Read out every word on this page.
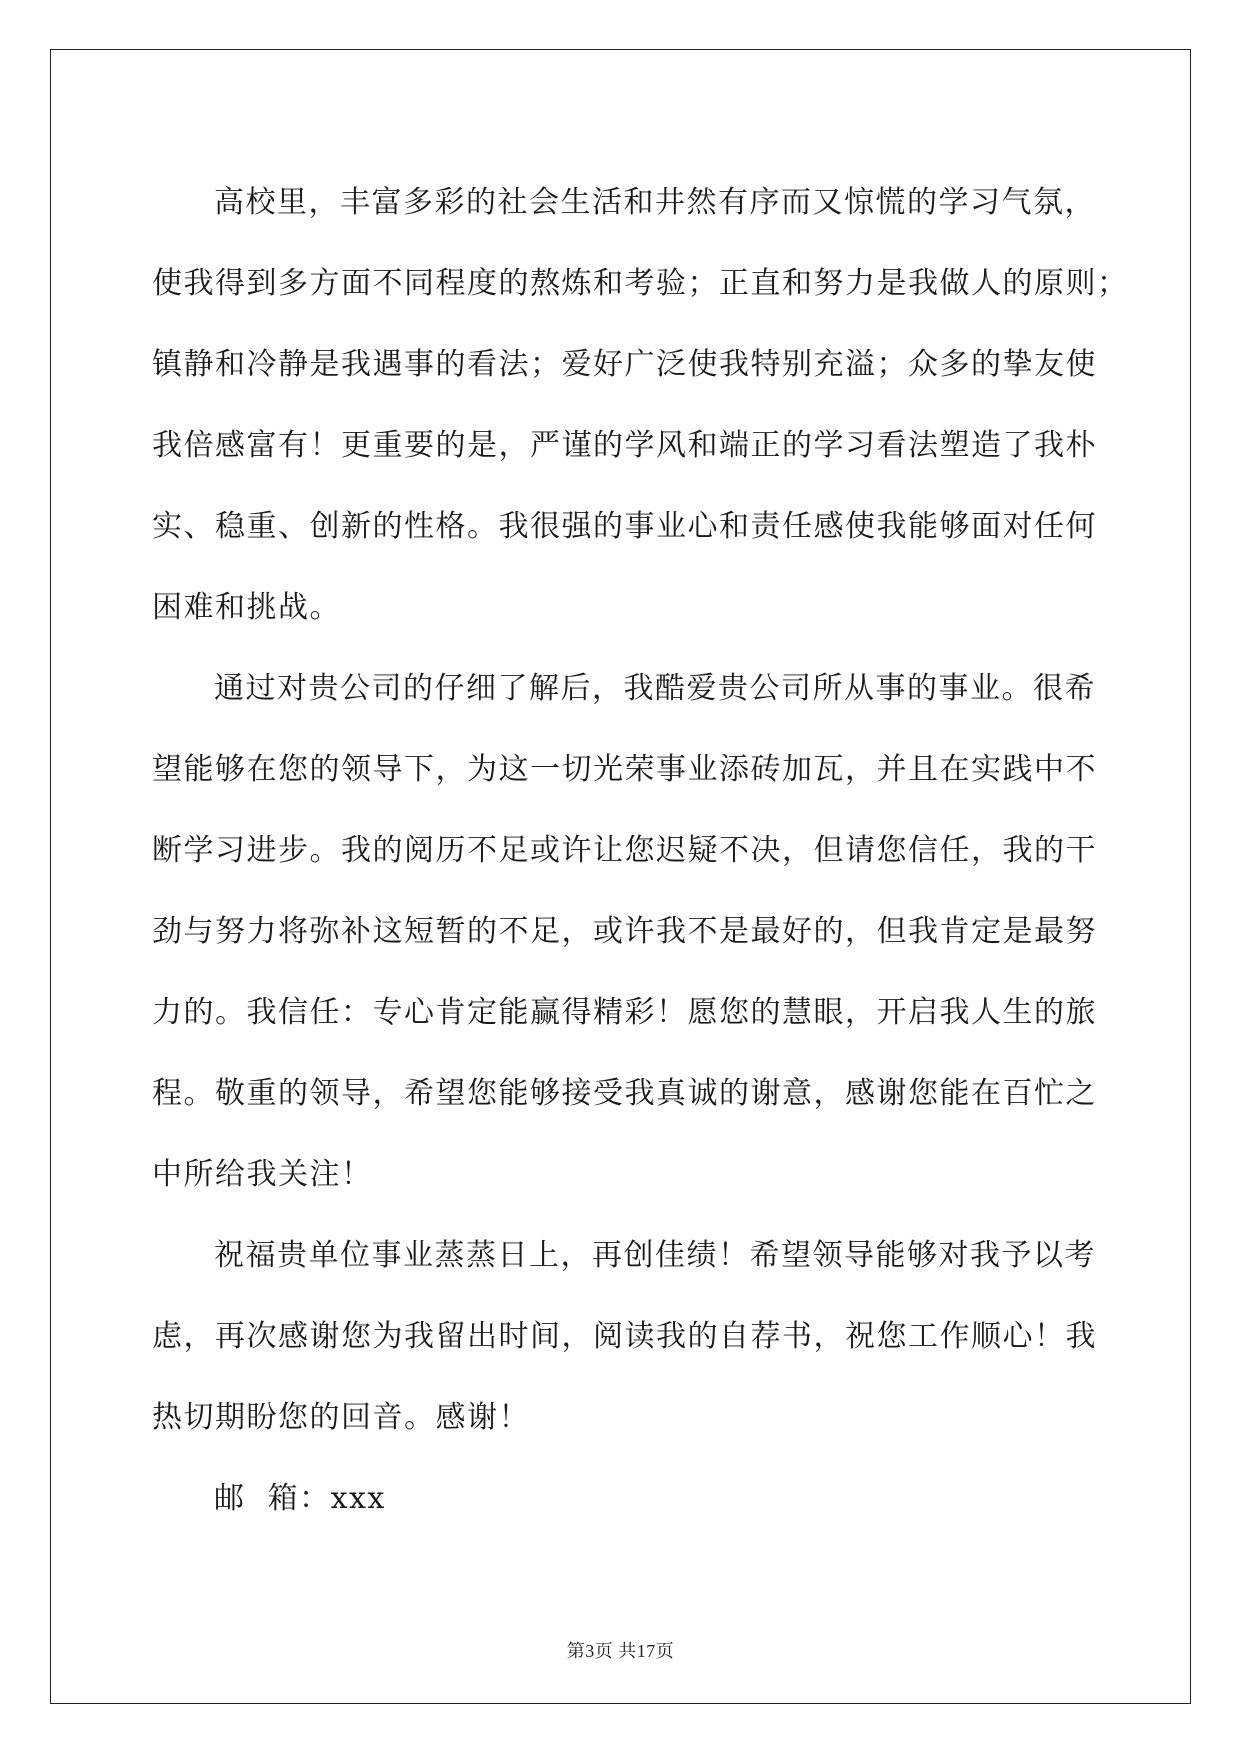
高校里，丰富多彩的社会生活和井然有序而又惊慌的学习气氛，
使我得到多方面不同程度的熬炼和考验；正直和努力是我做人的原则；
镇静和冷静是我遇事的看法；爱好广泛使我特别充溢；众多的挚友使
我倍感富有！更重要的是，严谨的学风和端正的学习看法塑造了我朴
实、稳重、创新的性格。我很强的事业心和责任感使我能够面对任何
困难和挑战。

通过对贵公司的仔细了解后，我酷爱贵公司所从事的事业。很希
望能够在您的领导下，为这一切光荣事业添砖加瓦，并且在实践中不
断学习进步。我的阅历不足或许让您迟疑不决，但请您信任，我的干
劲与努力将弥补这短暂的不足，或许我不是最好的，但我肯定是最努
力的。我信任：专心肯定能赢得精彩！愿您的慧眼，开启我人生的旅
程。敬重的领导，希望您能够接受我真诚的谢意，感谢您能在百忙之
中所给我关注！

祝福贵单位事业蒸蒸日上，再创佳绩！希望领导能够对我予以考
虑，再次感谢您为我留出时间，阅读我的自荐书，祝您工作顺心！我
热切期盼您的回音。感谢！

邮  箱：xxx

第3页 共17页
